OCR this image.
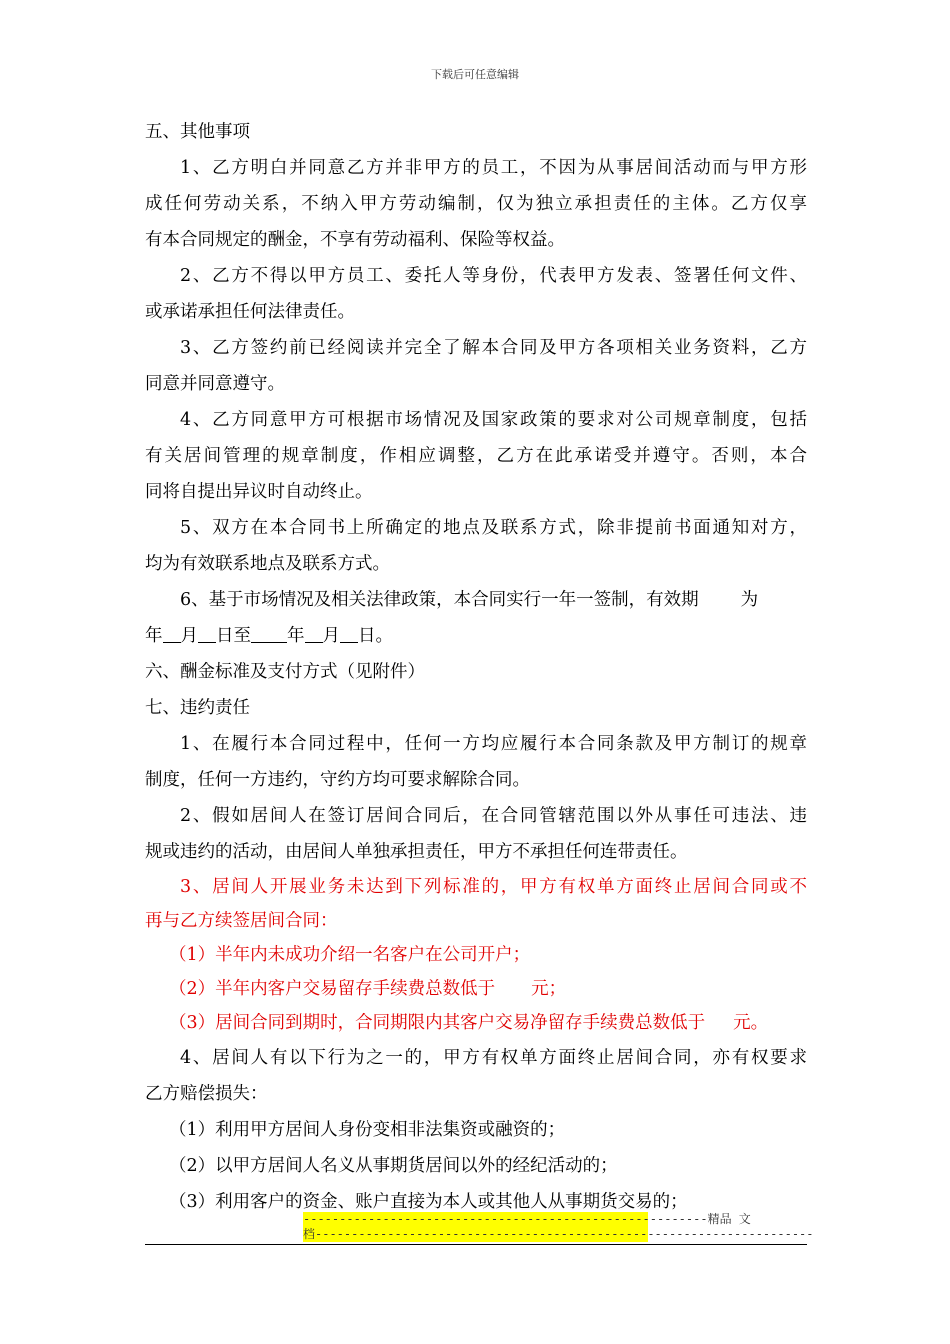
下载后可任意编辑
五、其他事项
1、乙方明白并同意乙方并非甲方的员工，不因为从事居间活动而与甲方形
成任何劳动关系，不纳入甲方劳动编制，仅为独立承担责任的主体。乙方仅享
有本合同规定的酬金，不享有劳动福利、保险等权益。
2、乙方不得以甲方员工、委托人等身份，代表甲方发表、签署任何文件、
或承诺承担任何法律责任。
3、乙方签约前已经阅读并完全了解本合同及甲方各项相关业务资料，乙方
同意并同意遵守。
4、乙方同意甲方可根据市场情况及国家政策的要求对公司规章制度，包括
有关居间管理的规章制度，作相应调整，乙方在此承诺受并遵守。否则，本合
同将自提出异议时自动终止。
5、双方在本合同书上所确定的地点及联系方式，除非提前书面通知对方，
均为有效联系地点及联系方式。
6、基于市场情况及相关法律政策，本合同实行一年一签制，有效期 为
年 月 日至 年 月 日。
六、酬金标准及支付方式（见附件）
七、违约责任
1、在履行本合同过程中，任何一方均应履行本合同条款及甲方制订的规章
制度，任何一方违约，守约方均可要求解除合同。
2、假如居间人在签订居间合同后，在合同管辖范围以外从事任可违法、违
规或违约的活动，由居间人单独承担责任，甲方不承担任何连带责任。
3、居间人开展业务未达到下列标准的，甲方有权单方面终止居间合同或不
再与乙方续签居间合同：
（1）半年内未成功介绍一名客户在公司开户；
（2）半年内客户交易留存手续费总数低于 元；
（3）居间合同到期时，合同期限内其客户交易净留存手续费总数低于 元。
4、居间人有以下行为之一的，甲方有权单方面终止居间合同，亦有权要求
乙方赔偿损失：
（1）利用甲方居间人身份变相非法集资或融资的；
（2）以甲方居间人名义从事期货居间以外的经纪活动的；
（3）利用客户的资金、账户直接为本人或其他人从事期货交易的；
--------------------------------------------------------精品 文
档---------------------------------------------------------------------
